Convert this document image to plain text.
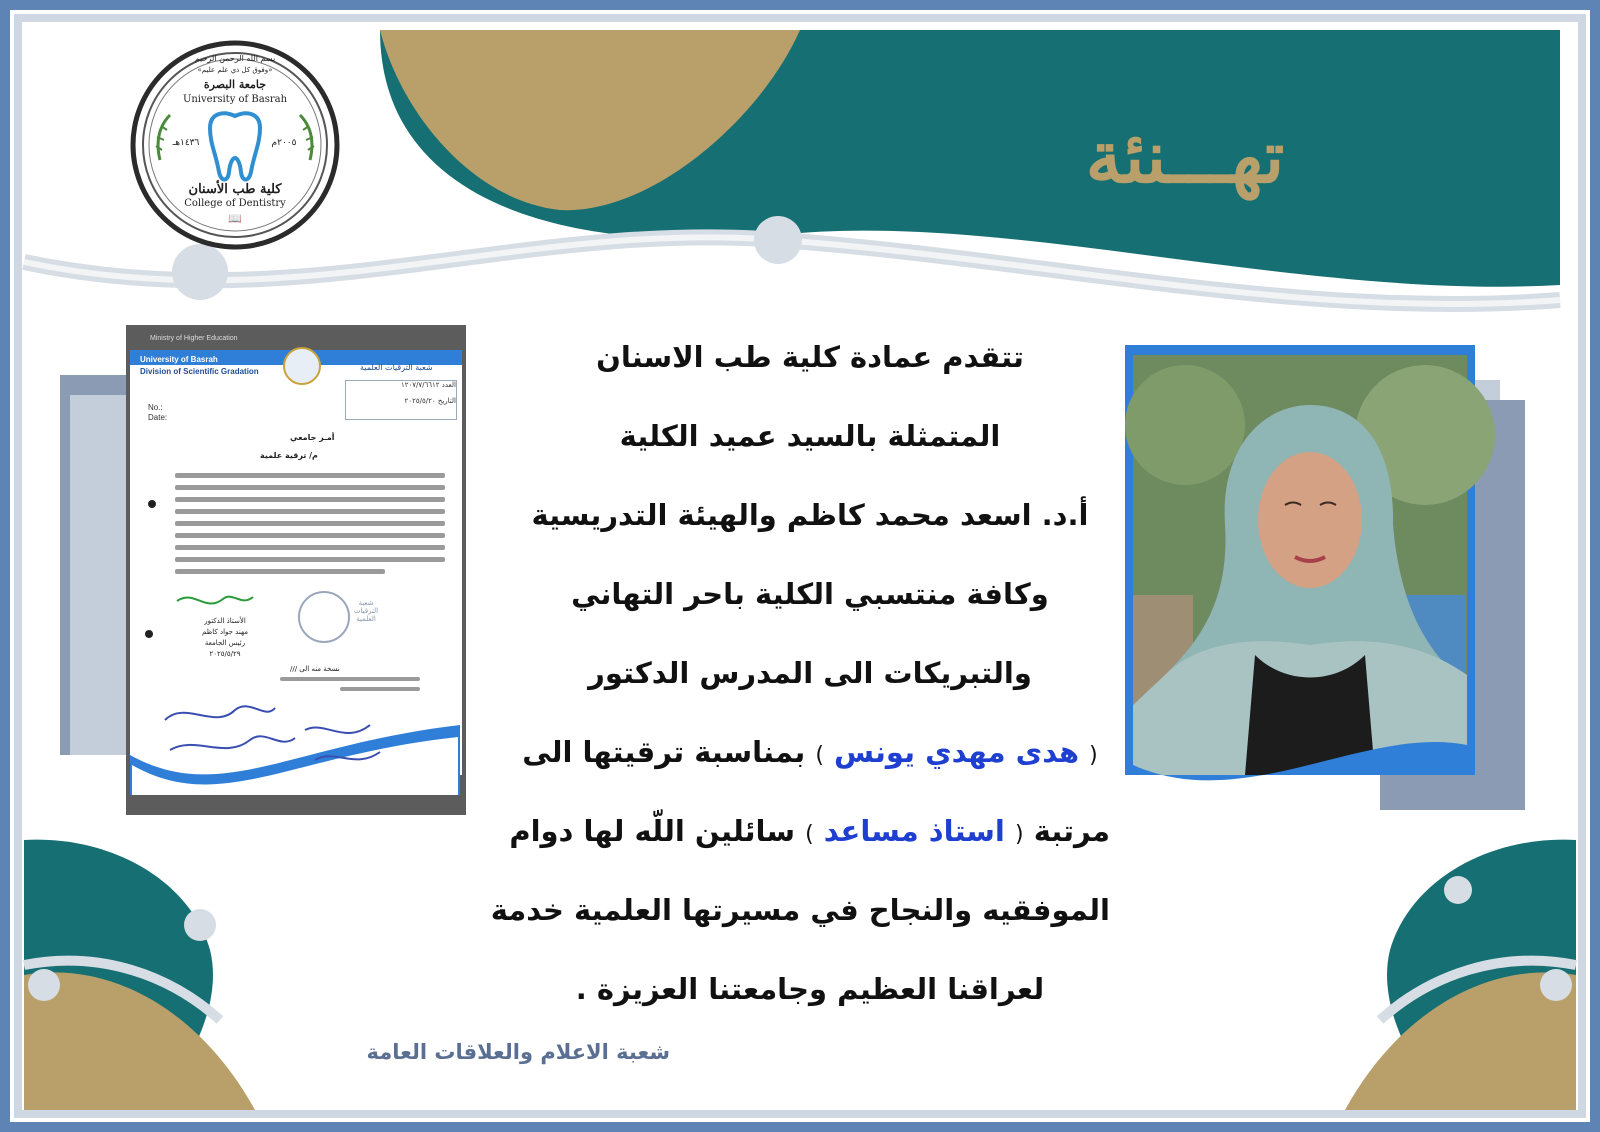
تهـــنئة
بسم الله الرحمن الرحيم
«وفوق كل ذي علم عليم»
جامعة البصرة
University of Basrah
١٤٣٦هـ	٢٠٠٥م
كلية طب الأسنان
College of Dentistry
📖
تتقدم عمادة كلية طب الاسنان
المتمثلة بالسيد عميد الكلية
أ.د. اسعد محمد كاظم والهيئة التدريسية
وكافة منتسبي الكلية باحر التهاني
والتبريكات الى المدرس الدكتور
( هدى مهدي يونس ) بمناسبة ترقيتها الى
مرتبة ( استاذ مساعد ) سائلين اللّه لها دوام
الموفقيه والنجاح في مسيرتها العلمية خدمة
لعراقنا العظيم وجامعتنا العزيزة .
Ministry of Higher Education
University of Basrah
Division of Scientific Gradation
No.:
Date:
شعبة الترقيات العلمية
العدد ١٢٠٧/٧/٦٦١٢
التاريخ ٢٠٢٥/٥/٢٠
أمـر جامعي
م/ ترقية علمية
شعبة الترقيات العلمية
الأستاذ الدكتور
مهند جواد كاظم
رئيس الجامعة
٢٠٢٥/٥/٢٩
نسخة منه الى ///
شعبة الاعلام والعلاقات العامة
